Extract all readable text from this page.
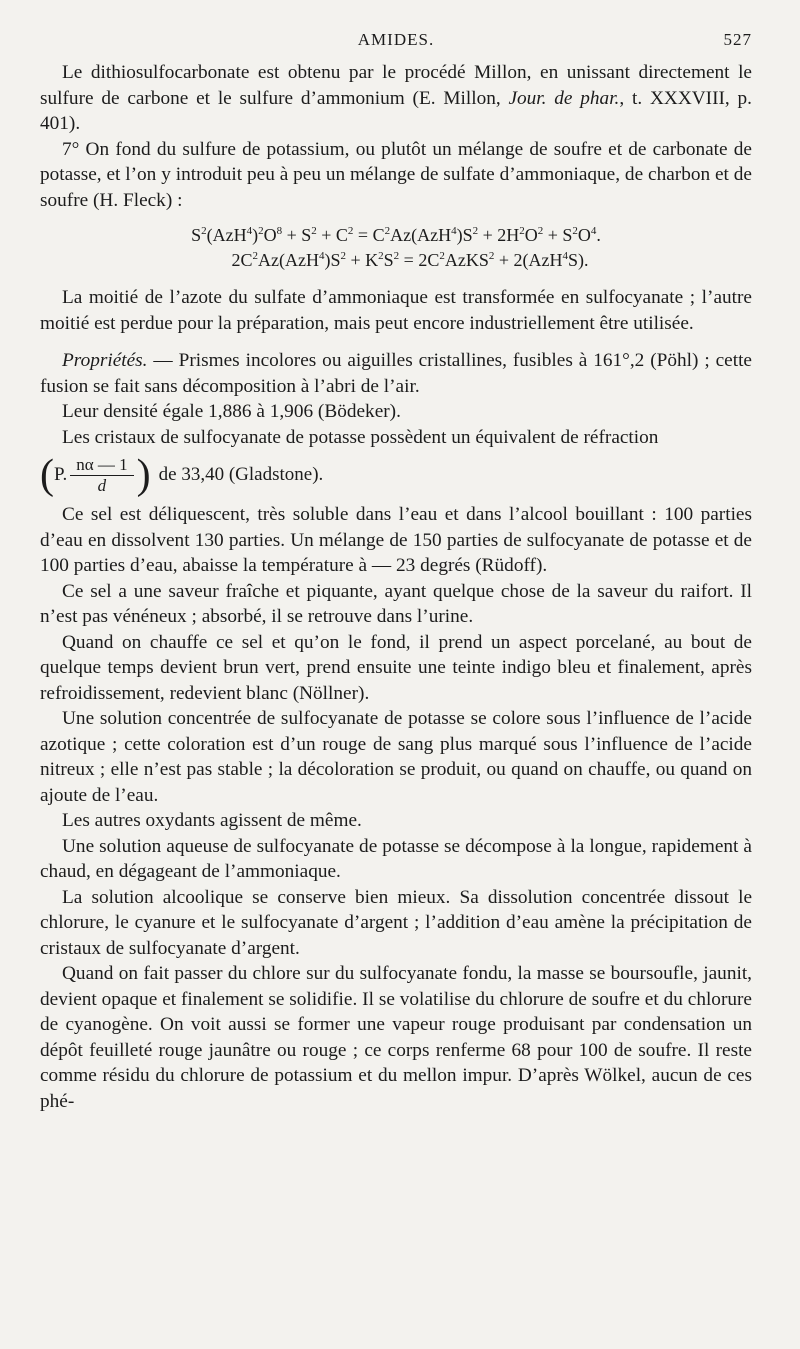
AMIDES.	527

Le dithiosulfocarbonate est obtenu par le procédé Millon, en unissant directement le sulfure de carbone et le sulfure d’ammonium (E. Millon, Jour. de phar., t. XXXVIII, p. 401).

7° On fond du sulfure de potassium, ou plutôt un mélange de soufre et de carbonate de potasse, et l’on y introduit peu à peu un mélange de sulfate d’ammoniaque, de charbon et de soufre (H. Fleck) :

$S^2(AzH^4)^2O^8 + S^2 + C^2 = C^2Az(AzH^4)S^2 + 2H^2O^2 + S^2O^4$.
$2C^2Az(AzH^4)S^2 + K^2S^2$ = $2C^2AzKS^2 + 2(AzH^4S)$.

La moitié de l’azote du sulfate d’ammoniaque est transformée en sulfocyanate ; l’autre moitié est perdue pour la préparation, mais peut encore industriellement être utilisée.

Propriétés. — Prismes incolores ou aiguilles cristallines, fusibles à 161°,2 (Pöhl) ; cette fusion se fait sans décomposition à l’abri de l’air.

Leur densité égale 1,886 à 1,906 (Bödeker).

Les cristaux de sulfocyanate de potasse possèdent un équivalent de réfraction

( P. $\frac{n\alpha — 1}{d}$ ) de 33,40 (Gladstone).

Ce sel est déliquescent, très soluble dans l’eau et dans l’alcool bouillant : 100 parties d’eau en dissolvent 130 parties. Un mélange de 150 parties de sulfocyanate de potasse et de 100 parties d’eau, abaisse la température à — 23 degrés (Rüdoff).

Ce sel a une saveur fraîche et piquante, ayant quelque chose de la saveur du raifort. Il n’est pas vénéneux ; absorbé, il se retrouve dans l’urine.

Quand on chauffe ce sel et qu’on le fond, il prend un aspect porcelané, au bout de quelque temps devient brun vert, prend ensuite une teinte indigo bleu et finalement, après refroidissement, redevient blanc (Nöllner).

Une solution concentrée de sulfocyanate de potasse se colore sous l’influence de l’acide azotique ; cette coloration est d’un rouge de sang plus marqué sous l’influence de l’acide nitreux ; elle n’est pas stable ; la décoloration se produit, ou quand on chauffe, ou quand on ajoute de l’eau.

Les autres oxydants agissent de même.

Une solution aqueuse de sulfocyanate de potasse se décompose à la longue, rapidement à chaud, en dégageant de l’ammoniaque.

La solution alcoolique se conserve bien mieux. Sa dissolution concentrée dissout le chlorure, le cyanure et le sulfocyanate d’argent ; l’addition d’eau amène la précipitation de cristaux de sulfocyanate d’argent.

Quand on fait passer du chlore sur du sulfocyanate fondu, la masse se boursoufle, jaunit, devient opaque et finalement se solidifie. Il se volatilise du chlorure de soufre et du chlorure de cyanogène. On voit aussi se former une vapeur rouge produisant par condensation un dépôt feuilleté rouge jaunâtre ou rouge ; ce corps renferme 68 pour 100 de soufre. Il reste comme résidu du chlorure de potassium et du mellon impur. D’après Wölkel, aucun de ces phé-
